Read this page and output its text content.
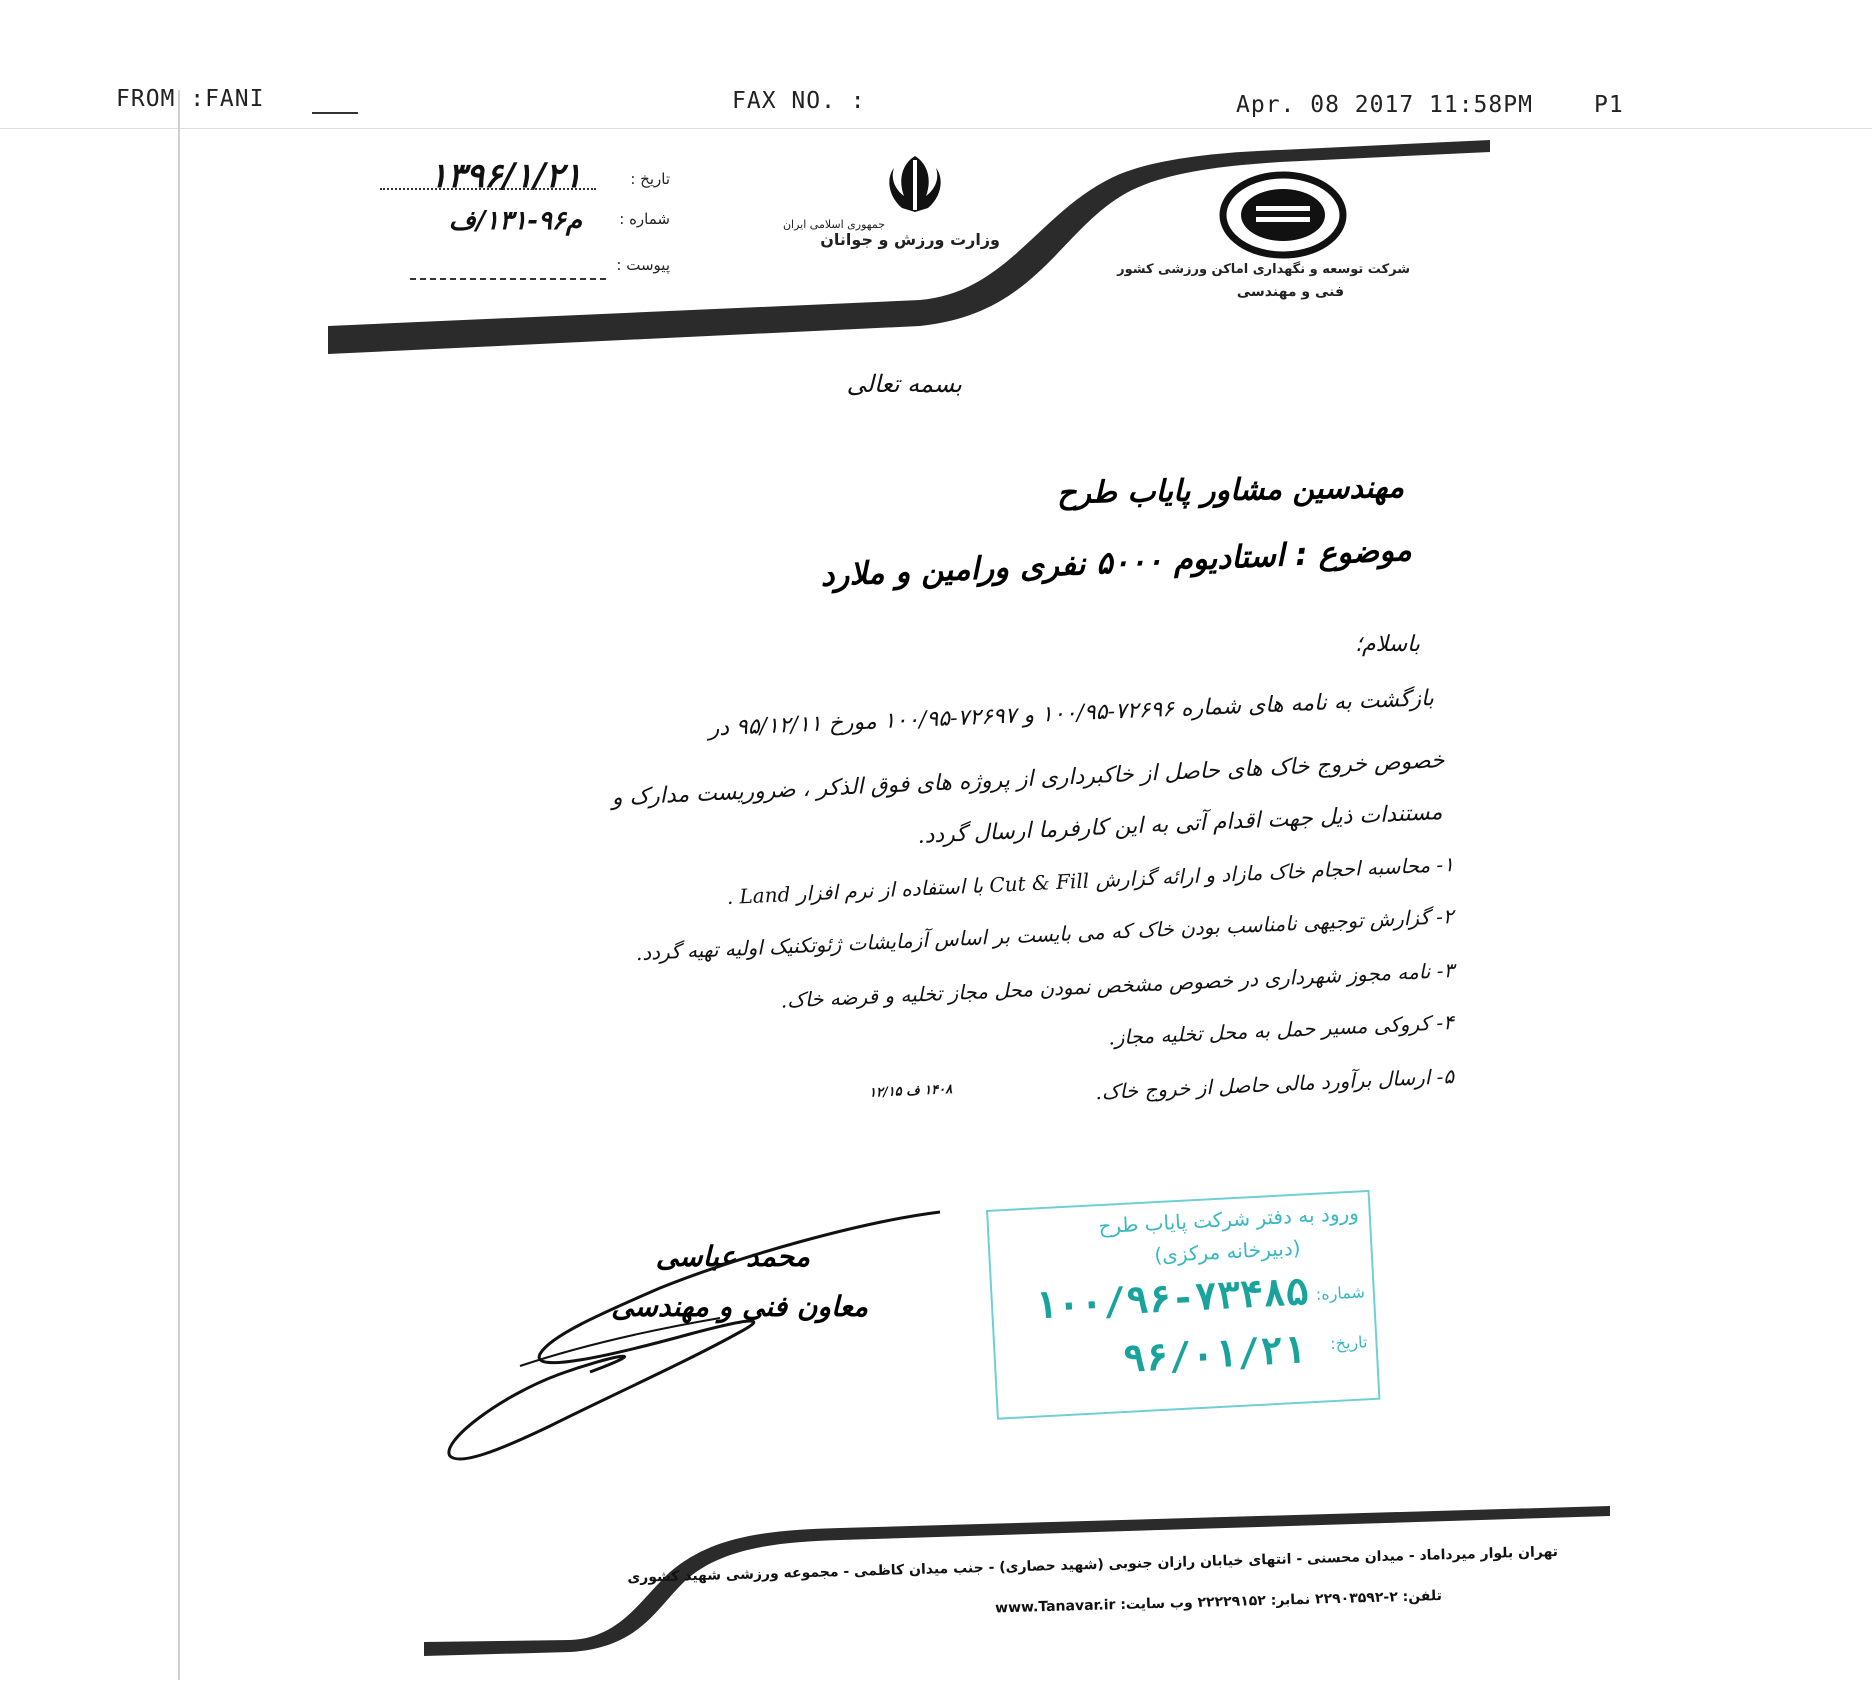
FROM :FANI	FAX NO. :	Apr. 08 2017 11:58PM	P1
شرکت توسعه و نگهداری اماکن ورزشی کشور
فنی و مهندسی
جمهوری اسلامی ایران
وزارت ورزش و جوانان
تاریخ :
۱۳۹۶/۱/۲۱
شماره :
م۹۶-۱۳۱/ف
پیوست :
بسمه تعالی
مهندسین مشاور پایاب طرح
موضوع : استادیوم ۵۰۰۰ نفری ورامین و ملارد
باسلام؛
بازگشت به نامه های شماره ۷۲۶۹۶-۱۰۰/۹۵ و ۷۲۶۹۷-۱۰۰/۹۵ مورخ ۹۵/۱۲/۱۱ در
خصوص خروج خاک های حاصل از خاکبرداری از پروژه های فوق الذکر ، ضروریست مدارک و
مستندات ذیل جهت اقدام آتی به این کارفرما ارسال گردد.
۱- محاسبه احجام خاک مازاد و ارائه گزارش Cut & Fill با استفاده از نرم افزار Land .
۲- گزارش توجیهی نامناسب بودن خاک که می بایست بر اساس آزمایشات ژئوتکنیک اولیه تهیه گردد.
۳- نامه مجوز شهرداری در خصوص مشخص نمودن محل مجاز تخلیه و قرضه خاک.
۴- کروکی مسیر حمل به محل تخلیه مجاز.
۵- ارسال برآورد مالی حاصل از خروج خاک.
۱۴۰۸ ف ۱۲/۱۵
محمد عباسی
معاون فنی و مهندسی
ورود به دفتر شرکت پایاب طرح
(دبیرخانه مرکزی)
شماره:
۱۰۰/۹۶-۷۳۴۸۵
تاریخ:
۹۶/۰۱/۲۱
تهران بلوار میرداماد - میدان محسنی - انتهای خیابان رازان جنوبی (شهید حصاری) - جنب میدان کاظمی - مجموعه ورزشی شهید کشوری
تلفن: ۲-۲۲۹۰۳۵۹۲ نمابر: ۲۲۲۲۹۱۵۲ وب سایت: www.Tanavar.ir
